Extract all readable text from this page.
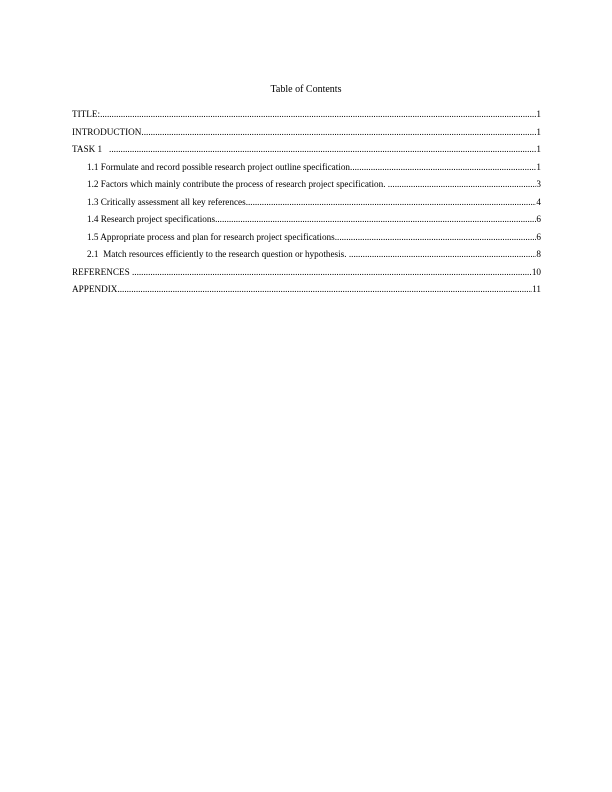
Table of Contents
TITLE: .....	1
INTRODUCTION .....	1
TASK 1 .....	1
1.1 Formulate and record possible research project outline specification .....	1
1.2 Factors which mainly contribute the process of research project specification. .....	3
1.3 Critically assessment all key references .....	4
1.4 Research project specifications .....	6
1.5 Appropriate process and plan for research project specifications .....	6
2.1  Match resources efficiently to the research question or hypothesis. .....	8
REFERENCES .....	10
APPENDIX .....	11
